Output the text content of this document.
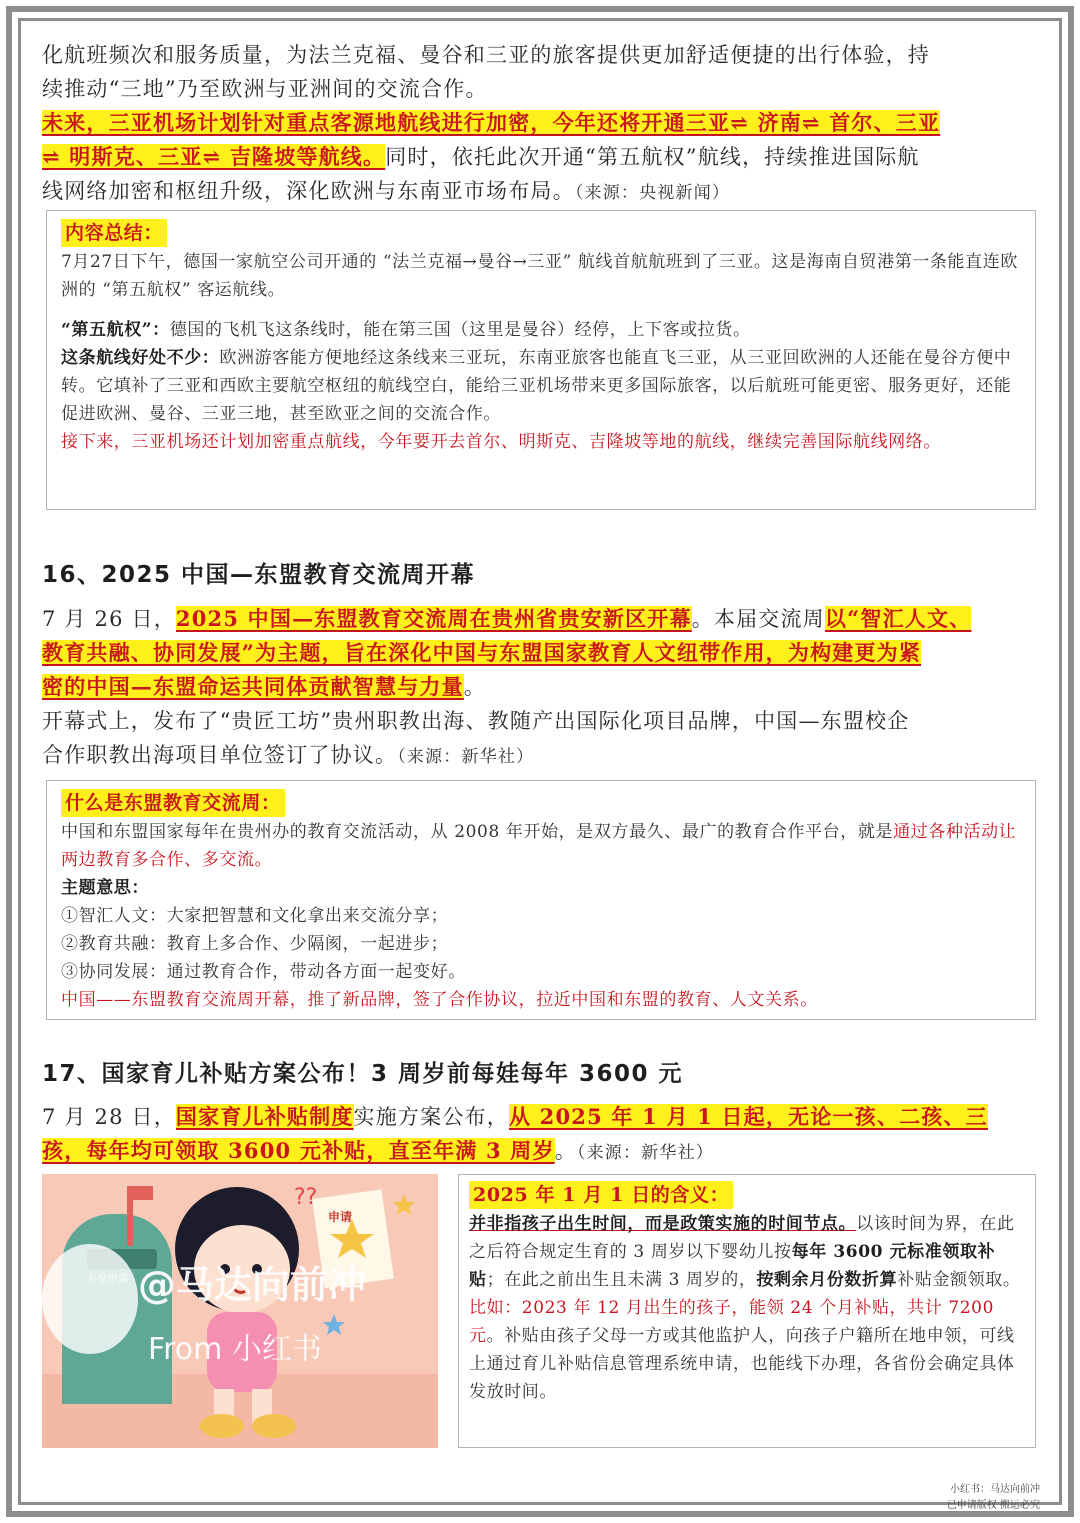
化航班频次和服务质量，为法兰克福、曼谷和三亚的旅客提供更加舒适便捷的出行体验，持
续推动“三地”乃至欧洲与亚洲间的交流合作。
未来，三亚机场计划针对重点客源地航线进行加密，今年还将开通三亚⇌ 济南⇌ 首尔、三亚
⇌ 明斯克、三亚⇌ 吉隆坡等航线。同时，依托此次开通“第五航权”航线，持续推进国际航
线网络加密和枢纽升级，深化欧洲与东南亚市场布局。（来源：央视新闻）
内容总结：
7月27日下午，德国一家航空公司开通的 “法兰克福→曼谷→三亚” 航线首航航班到了三亚。这是海南自贸港第一条能直连欧洲的 “第五航权” 客运航线。
“第五航权”：德国的飞机飞这条线时，能在第三国（这里是曼谷）经停，上下客或拉货。
这条航线好处不少：欧洲游客能方便地经这条线来三亚玩，东南亚旅客也能直飞三亚，从三亚回欧洲的人还能在曼谷方便中转。它填补了三亚和西欧主要航空枢纽的航线空白，能给三亚机场带来更多国际旅客，以后航班可能更密、服务更好，还能促进欧洲、曼谷、三亚三地，甚至欧亚之间的交流合作。
接下来，三亚机场还计划加密重点航线，今年要开去首尔、明斯克、吉隆坡等地的航线，继续完善国际航线网络。
16、2025 中国—东盟教育交流周开幕
7 月 26 日，2025 中国—东盟教育交流周在贵州省贵安新区开幕。本届交流周以“智汇人文、
教育共融、协同发展”为主题，旨在深化中国与东盟国家教育人文纽带作用，为构建更为紧
密的中国—东盟命运共同体贡献智慧与力量。
开幕式上，发布了“贵匠工坊”贵州职教出海、教随产出国际化项目品牌，中国—东盟校企
合作职教出海项目单位签订了协议。（来源：新华社）
什么是东盟教育交流周：
中国和东盟国家每年在贵州办的教育交流活动，从 2008 年开始，是双方最久、最广的教育合作平台，就是通过各种活动让两边教育多合作、多交流。
主题意思：
①智汇人文：大家把智慧和文化拿出来交流分享；
②教育共融：教育上多合作、少隔阂，一起进步；
③协同发展：通过教育合作，带动各方面一起变好。
中国——东盟教育交流周开幕，推了新品牌，签了合作协议，拉近中国和东盟的教育、人文关系。
17、国家育儿补贴方案公布！3 周岁前每娃每年 3600 元
7 月 28 日，国家育儿补贴制度实施方案公布，从 2025 年 1 月 1 日起，无论一孩、二孩、三
孩，每年均可领取 3600 元补贴，直至年满 3 周岁。（来源：新华社）
??
申请
@马达向前冲
From 小红书
2025 年 1 月 1 日的含义：
并非指孩子出生时间，而是政策实施的时间节点。以该时间为界，在此之后符合规定生育的 3 周岁以下婴幼儿按每年 3600 元标准领取补贴；在此之前出生且未满 3 周岁的，按剩余月份数折算补贴金额领取。
比如：2023 年 12 月出生的孩子，能领 24 个月补贴，共计 7200 元。补贴由孩子父母一方或其他监护人，向孩子户籍所在地申领，可线上通过育儿补贴信息管理系统申请，也能线下办理，各省份会确定具体发放时间。
小红书：马达向前冲
已申请版权 搬运必究
